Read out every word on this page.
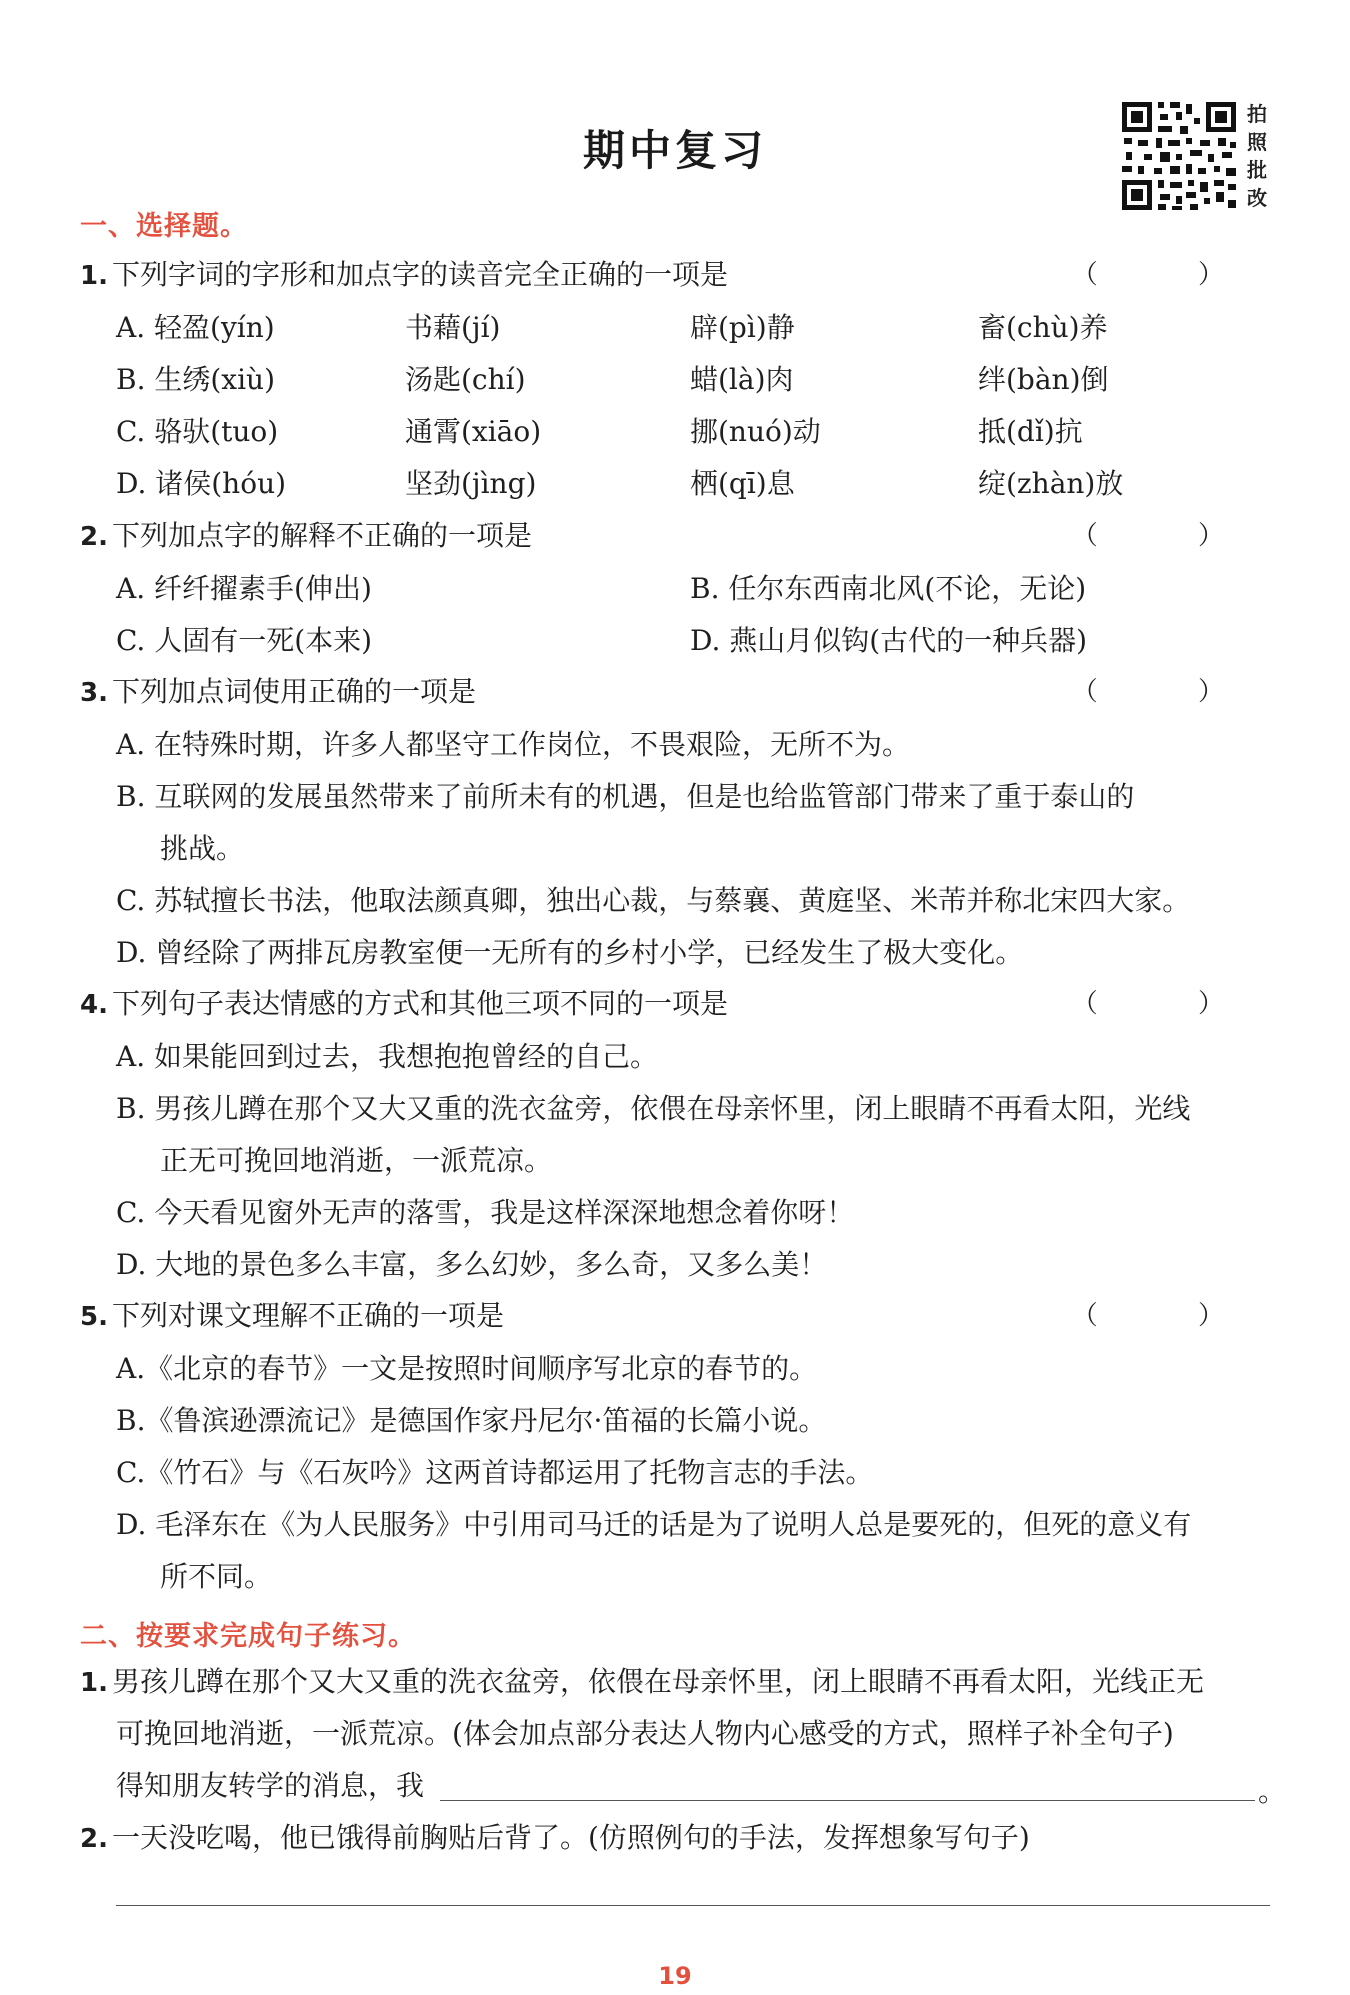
期中复习
拍
照
批
改
一、选择题。
1. 下列字词的字形和加点字的读音完全正确的一项是	（ ）
A. 轻盈(yín)	书藉(jí)	辟(pì)静	畜(chù)养
B. 生绣(xiù)	汤匙(chí)	蜡(là)肉	绊(bàn)倒
C. 骆驮(tuo)	通霄(xiāo)	挪(nuó)动	抵(dǐ)抗
D. 诸侯(hóu)	坚劲(jìng)	栖(qī)息	绽(zhàn)放
2. 下列加点字的解释不正确的一项是	（ ）
A. 纤纤擢素手(伸出)	B. 任尔东西南北风(不论，无论)
C. 人固有一死(本来)	D. 燕山月似钩(古代的一种兵器)
3. 下列加点词使用正确的一项是	（ ）
A. 在特殊时期，许多人都坚守工作岗位，不畏艰险，无所不为。
B. 互联网的发展虽然带来了前所未有的机遇，但是也给监管部门带来了重于泰山的
挑战。
C. 苏轼擅长书法，他取法颜真卿，独出心裁，与蔡襄、黄庭坚、米芾并称北宋四大家。
D. 曾经除了两排瓦房教室便一无所有的乡村小学，已经发生了极大变化。
4. 下列句子表达情感的方式和其他三项不同的一项是	（ ）
A. 如果能回到过去，我想抱抱曾经的自己。
B. 男孩儿蹲在那个又大又重的洗衣盆旁，依偎在母亲怀里，闭上眼睛不再看太阳，光线
正无可挽回地消逝，一派荒凉。
C. 今天看见窗外无声的落雪，我是这样深深地想念着你呀！
D. 大地的景色多么丰富，多么幻妙，多么奇，又多么美！
5. 下列对课文理解不正确的一项是	（ ）
A.《北京的春节》一文是按照时间顺序写北京的春节的。
B.《鲁滨逊漂流记》是德国作家丹尼尔·笛福的长篇小说。
C.《竹石》与《石灰吟》这两首诗都运用了托物言志的手法。
D. 毛泽东在《为人民服务》中引用司马迁的话是为了说明人总是要死的，但死的意义有
所不同。
二、按要求完成句子练习。
1. 男孩儿蹲在那个又大又重的洗衣盆旁，依偎在母亲怀里，闭上眼睛不再看太阳，光线正无
可挽回地消逝，一派荒凉。(体会加点部分表达人物内心感受的方式，照样子补全句子)
得知朋友转学的消息，我	。
2. 一天没吃喝，他已饿得前胸贴后背了。(仿照例句的手法，发挥想象写句子)
19
